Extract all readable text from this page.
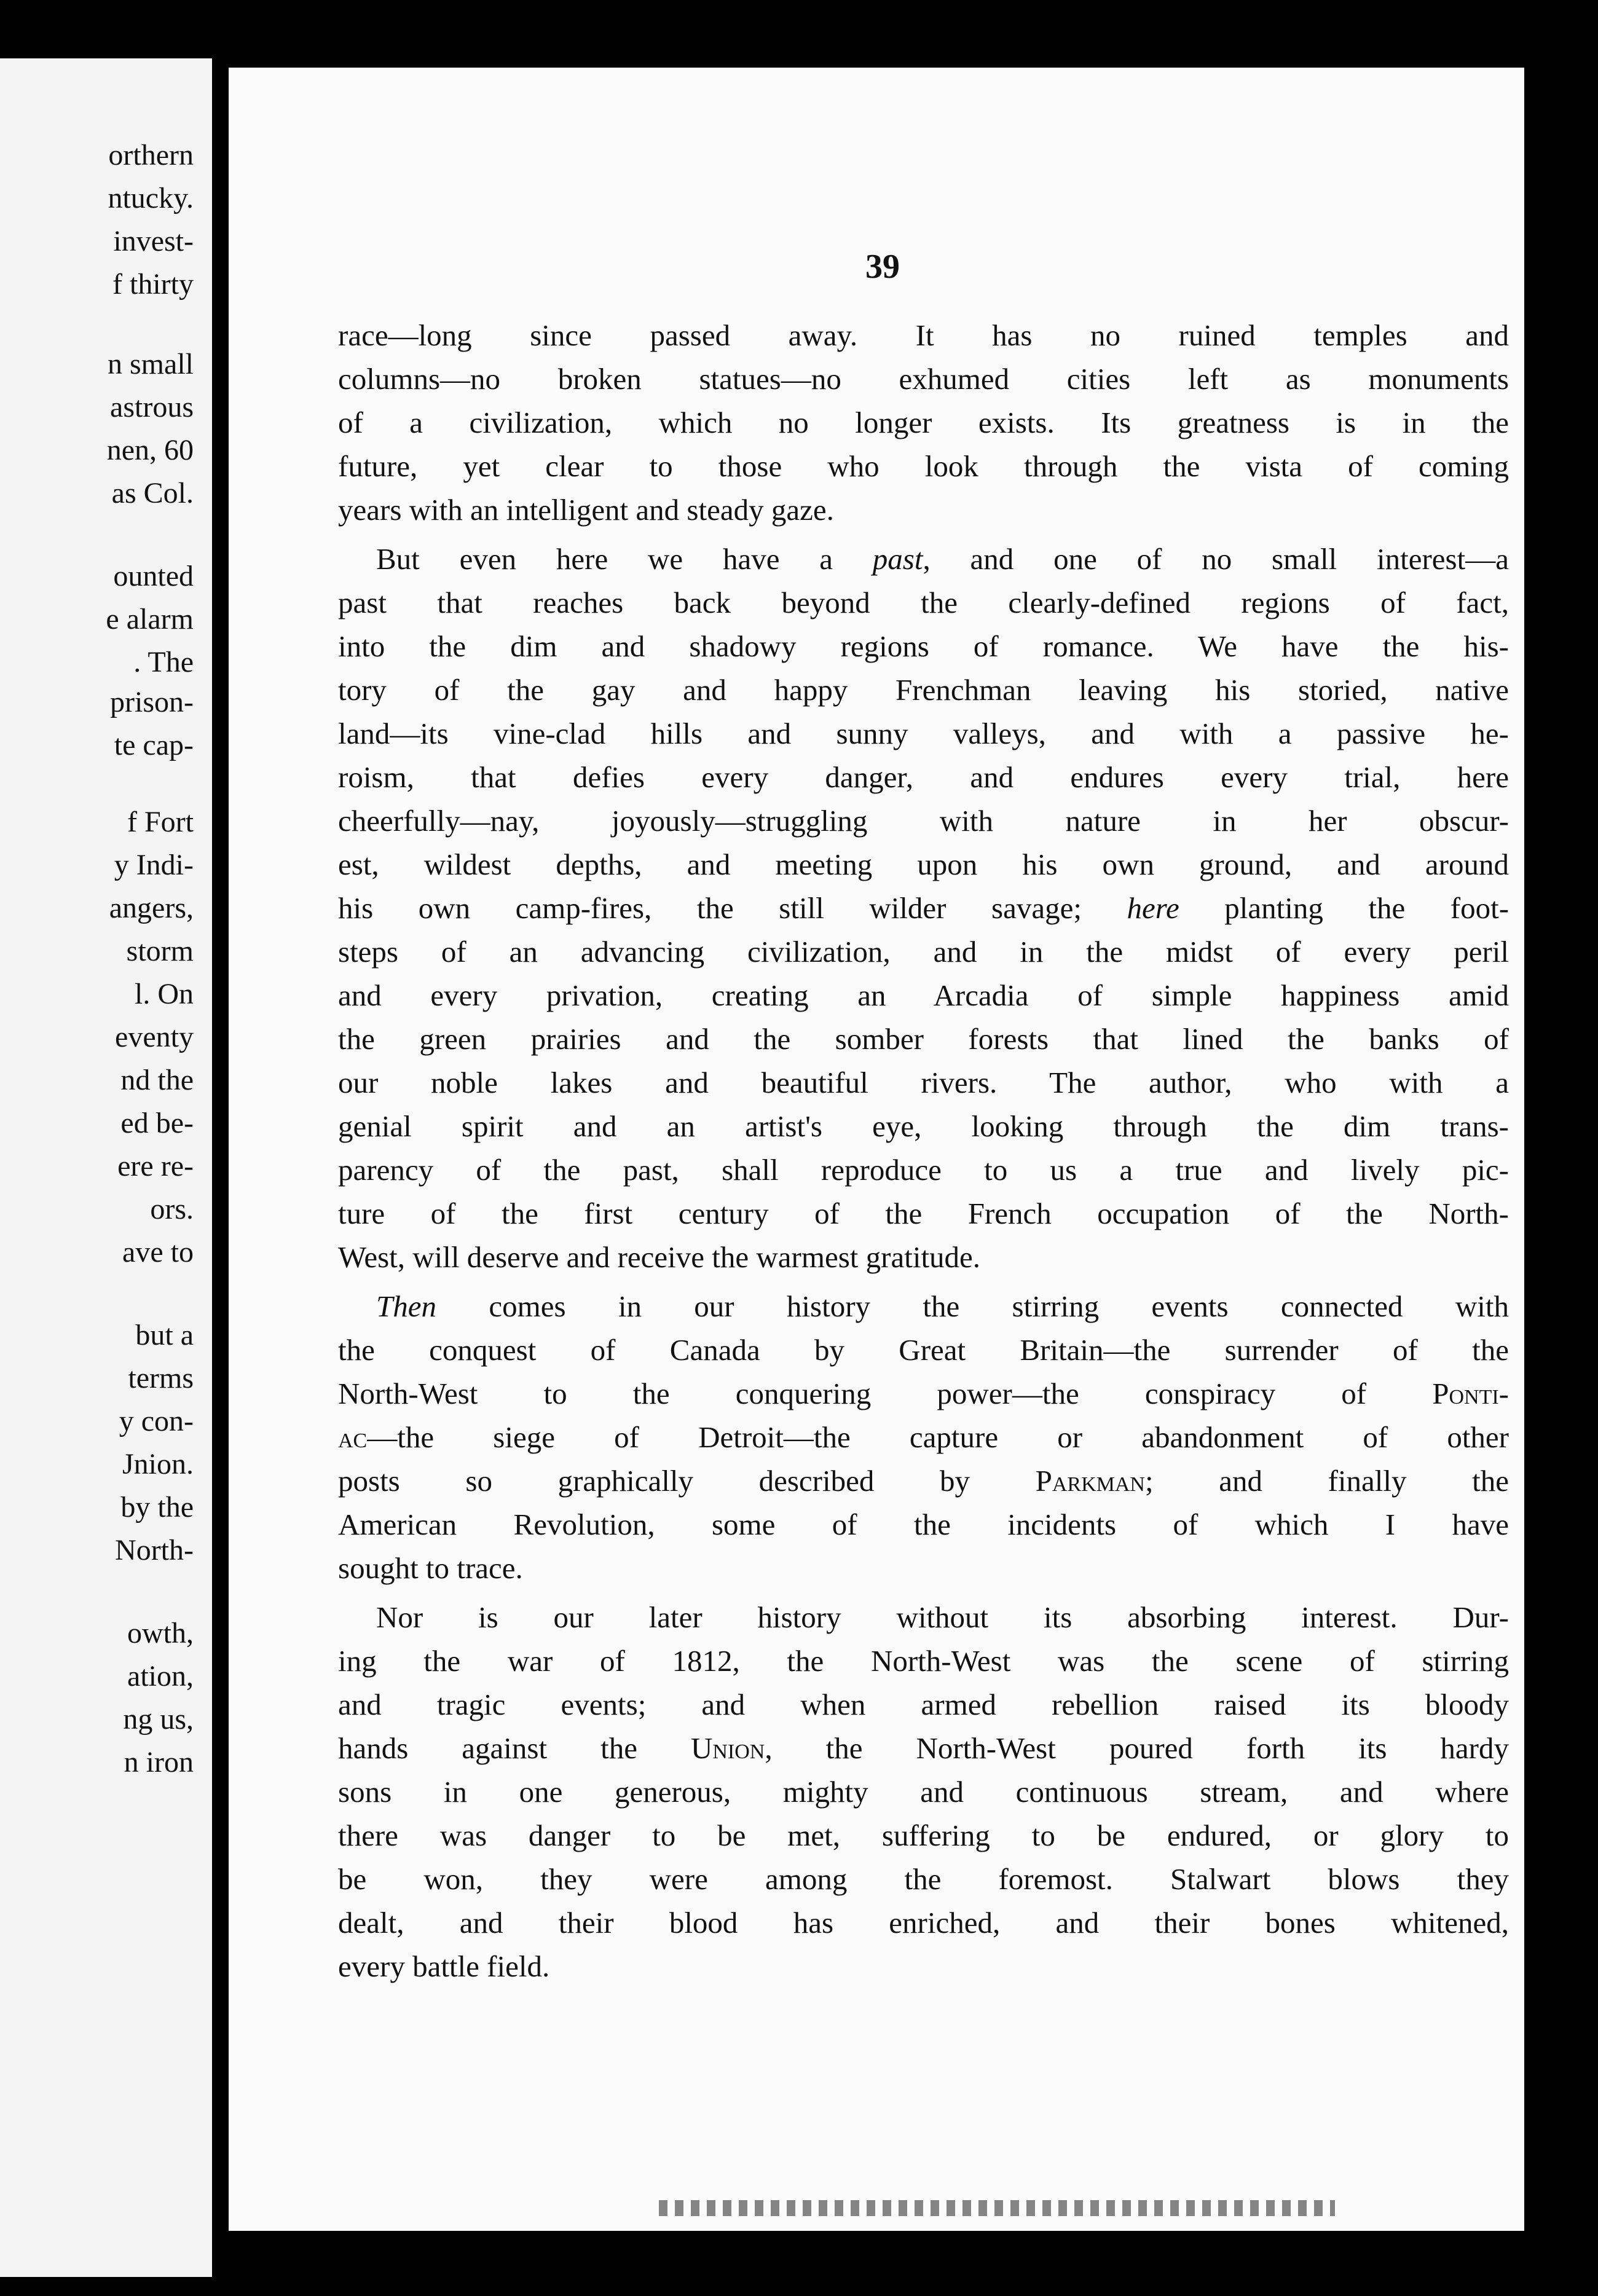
orthern
ntucky.
invest-
f thirty
n small
astrous
nen, 60
as Col.
ounted
e alarm
. The
prison-
te cap-
f Fort
y Indi-
angers,
storm
l. On
eventy
nd the
ed be-
ere re-
ors.
ave to
but a
terms
y con-
Jnion.
by the
North-
owth,
ation,
ng us,
n iron
39
race—long since passed away. It has no ruined temples and
columns—no broken statues—no exhumed cities left as monuments
of a civilization, which no longer exists. Its greatness is in the
future, yet clear to those who look through the vista of coming
years with an intelligent and steady gaze.
But even here we have a past, and one of no small interest—a
past that reaches back beyond the clearly-defined regions of fact,
into the dim and shadowy regions of romance. We have the his-
tory of the gay and happy Frenchman leaving his storied, native
land—its vine-clad hills and sunny valleys, and with a passive he-
roism, that defies every danger, and endures every trial, here
cheerfully—nay, joyously—struggling with nature in her obscur-
est, wildest depths, and meeting upon his own ground, and around
his own camp-fires, the still wilder savage; here planting the foot-
steps of an advancing civilization, and in the midst of every peril
and every privation, creating an Arcadia of simple happiness amid
the green prairies and the somber forests that lined the banks of
our noble lakes and beautiful rivers. The author, who with a
genial spirit and an artist's eye, looking through the dim trans-
parency of the past, shall reproduce to us a true and lively pic-
ture of the first century of the French occupation of the North-
West, will deserve and receive the warmest gratitude.
Then comes in our history the stirring events connected with
the conquest of Canada by Great Britain—the surrender of the
North-West to the conquering power—the conspiracy of Ponti-
ac—the siege of Detroit—the capture or abandonment of other
posts so graphically described by Parkman; and finally the
American Revolution, some of the incidents of which I have
sought to trace.
Nor is our later history without its absorbing interest. Dur-
ing the war of 1812, the North-West was the scene of stirring
and tragic events; and when armed rebellion raised its bloody
hands against the Union, the North-West poured forth its hardy
sons in one generous, mighty and continuous stream, and where
there was danger to be met, suffering to be endured, or glory to
be won, they were among the foremost. Stalwart blows they
dealt, and their blood has enriched, and their bones whitened,
every battle field.
